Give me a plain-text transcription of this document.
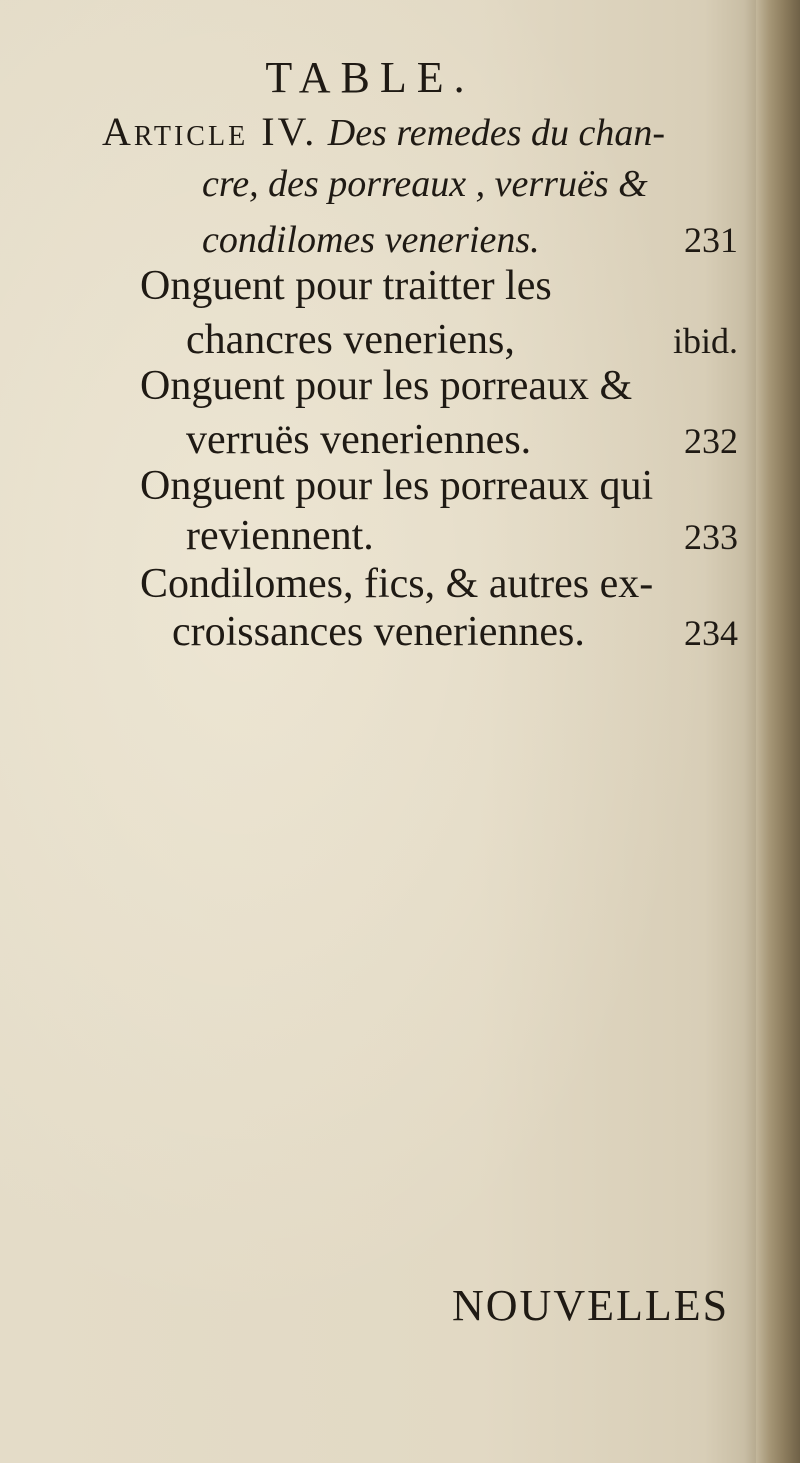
TABLE.
Article IV. Des remedes du chan-
cre, des porreaux , verruës &
condilomes veneriens.	231
Onguent pour traitter les
chancres veneriens,	ibid.
Onguent pour les porreaux &
verruës veneriennes.	232
Onguent pour les porreaux qui
reviennent.	233
Condilomes, fics, & autres ex-
croissances veneriennes.	234
NOUVELLES
